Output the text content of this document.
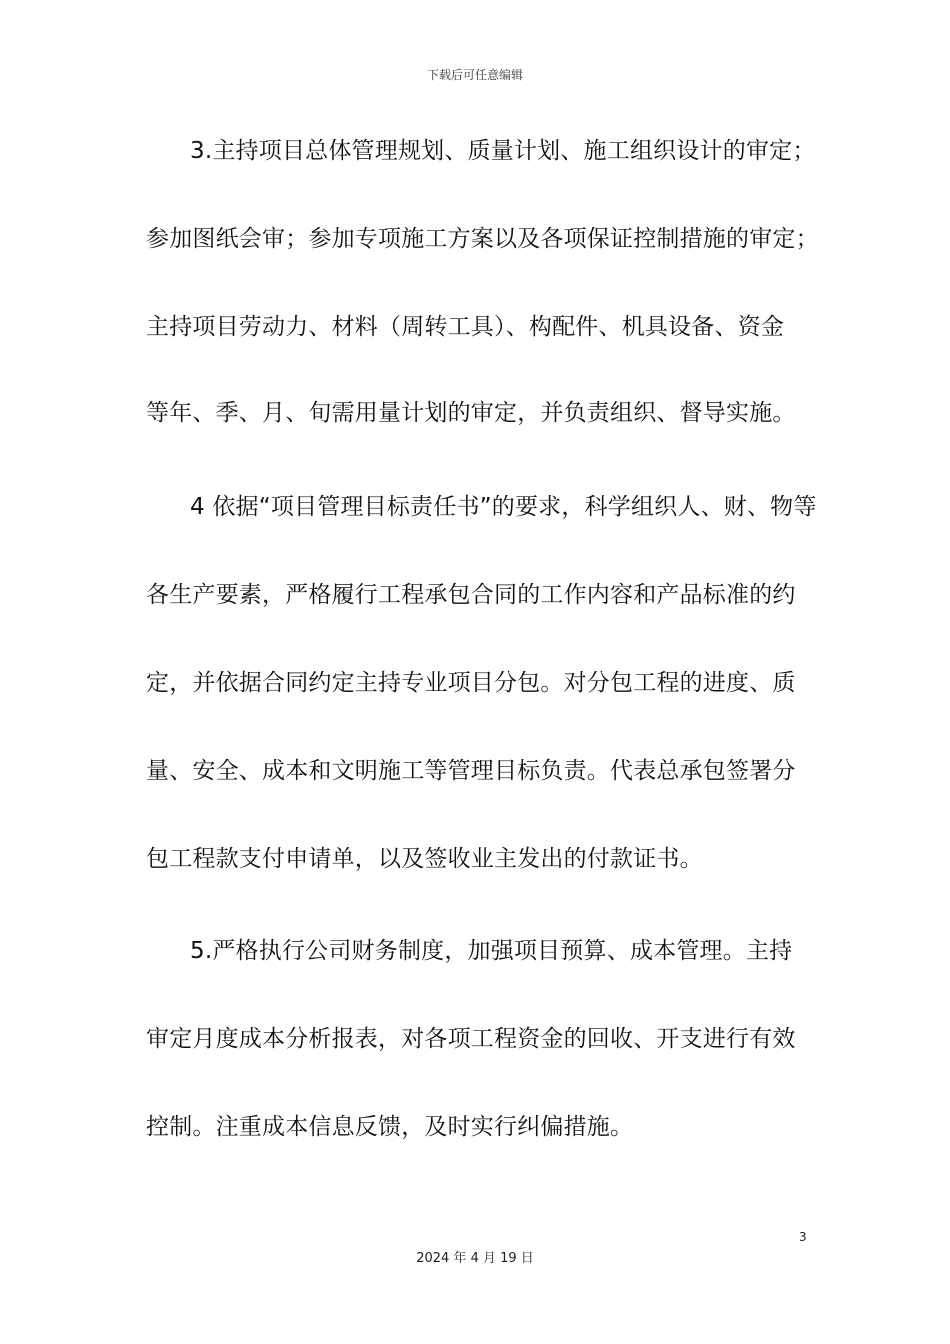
下载后可任意编辑
3.主持项目总体管理规划、质量计划、施工组织设计的审定；
参加图纸会审；参加专项施工方案以及各项保证控制措施的审定；
主持项目劳动力、材料（周转工具）、构配件、机具设备、资金
等年、季、月、旬需用量计划的审定，并负责组织、督导实施。
4 依据“项目管理目标责任书”的要求，科学组织人、财、物等
各生产要素，严格履行工程承包合同的工作内容和产品标准的约
定，并依据合同约定主持专业项目分包。对分包工程的进度、质
量、安全、成本和文明施工等管理目标负责。代表总承包签署分
包工程款支付申请单，以及签收业主发出的付款证书。
5.严格执行公司财务制度，加强项目预算、成本管理。主持
审定月度成本分析报表，对各项工程资金的回收、开支进行有效
控制。注重成本信息反馈，及时实行纠偏措施。
3
2024 年 4 月 19 日
